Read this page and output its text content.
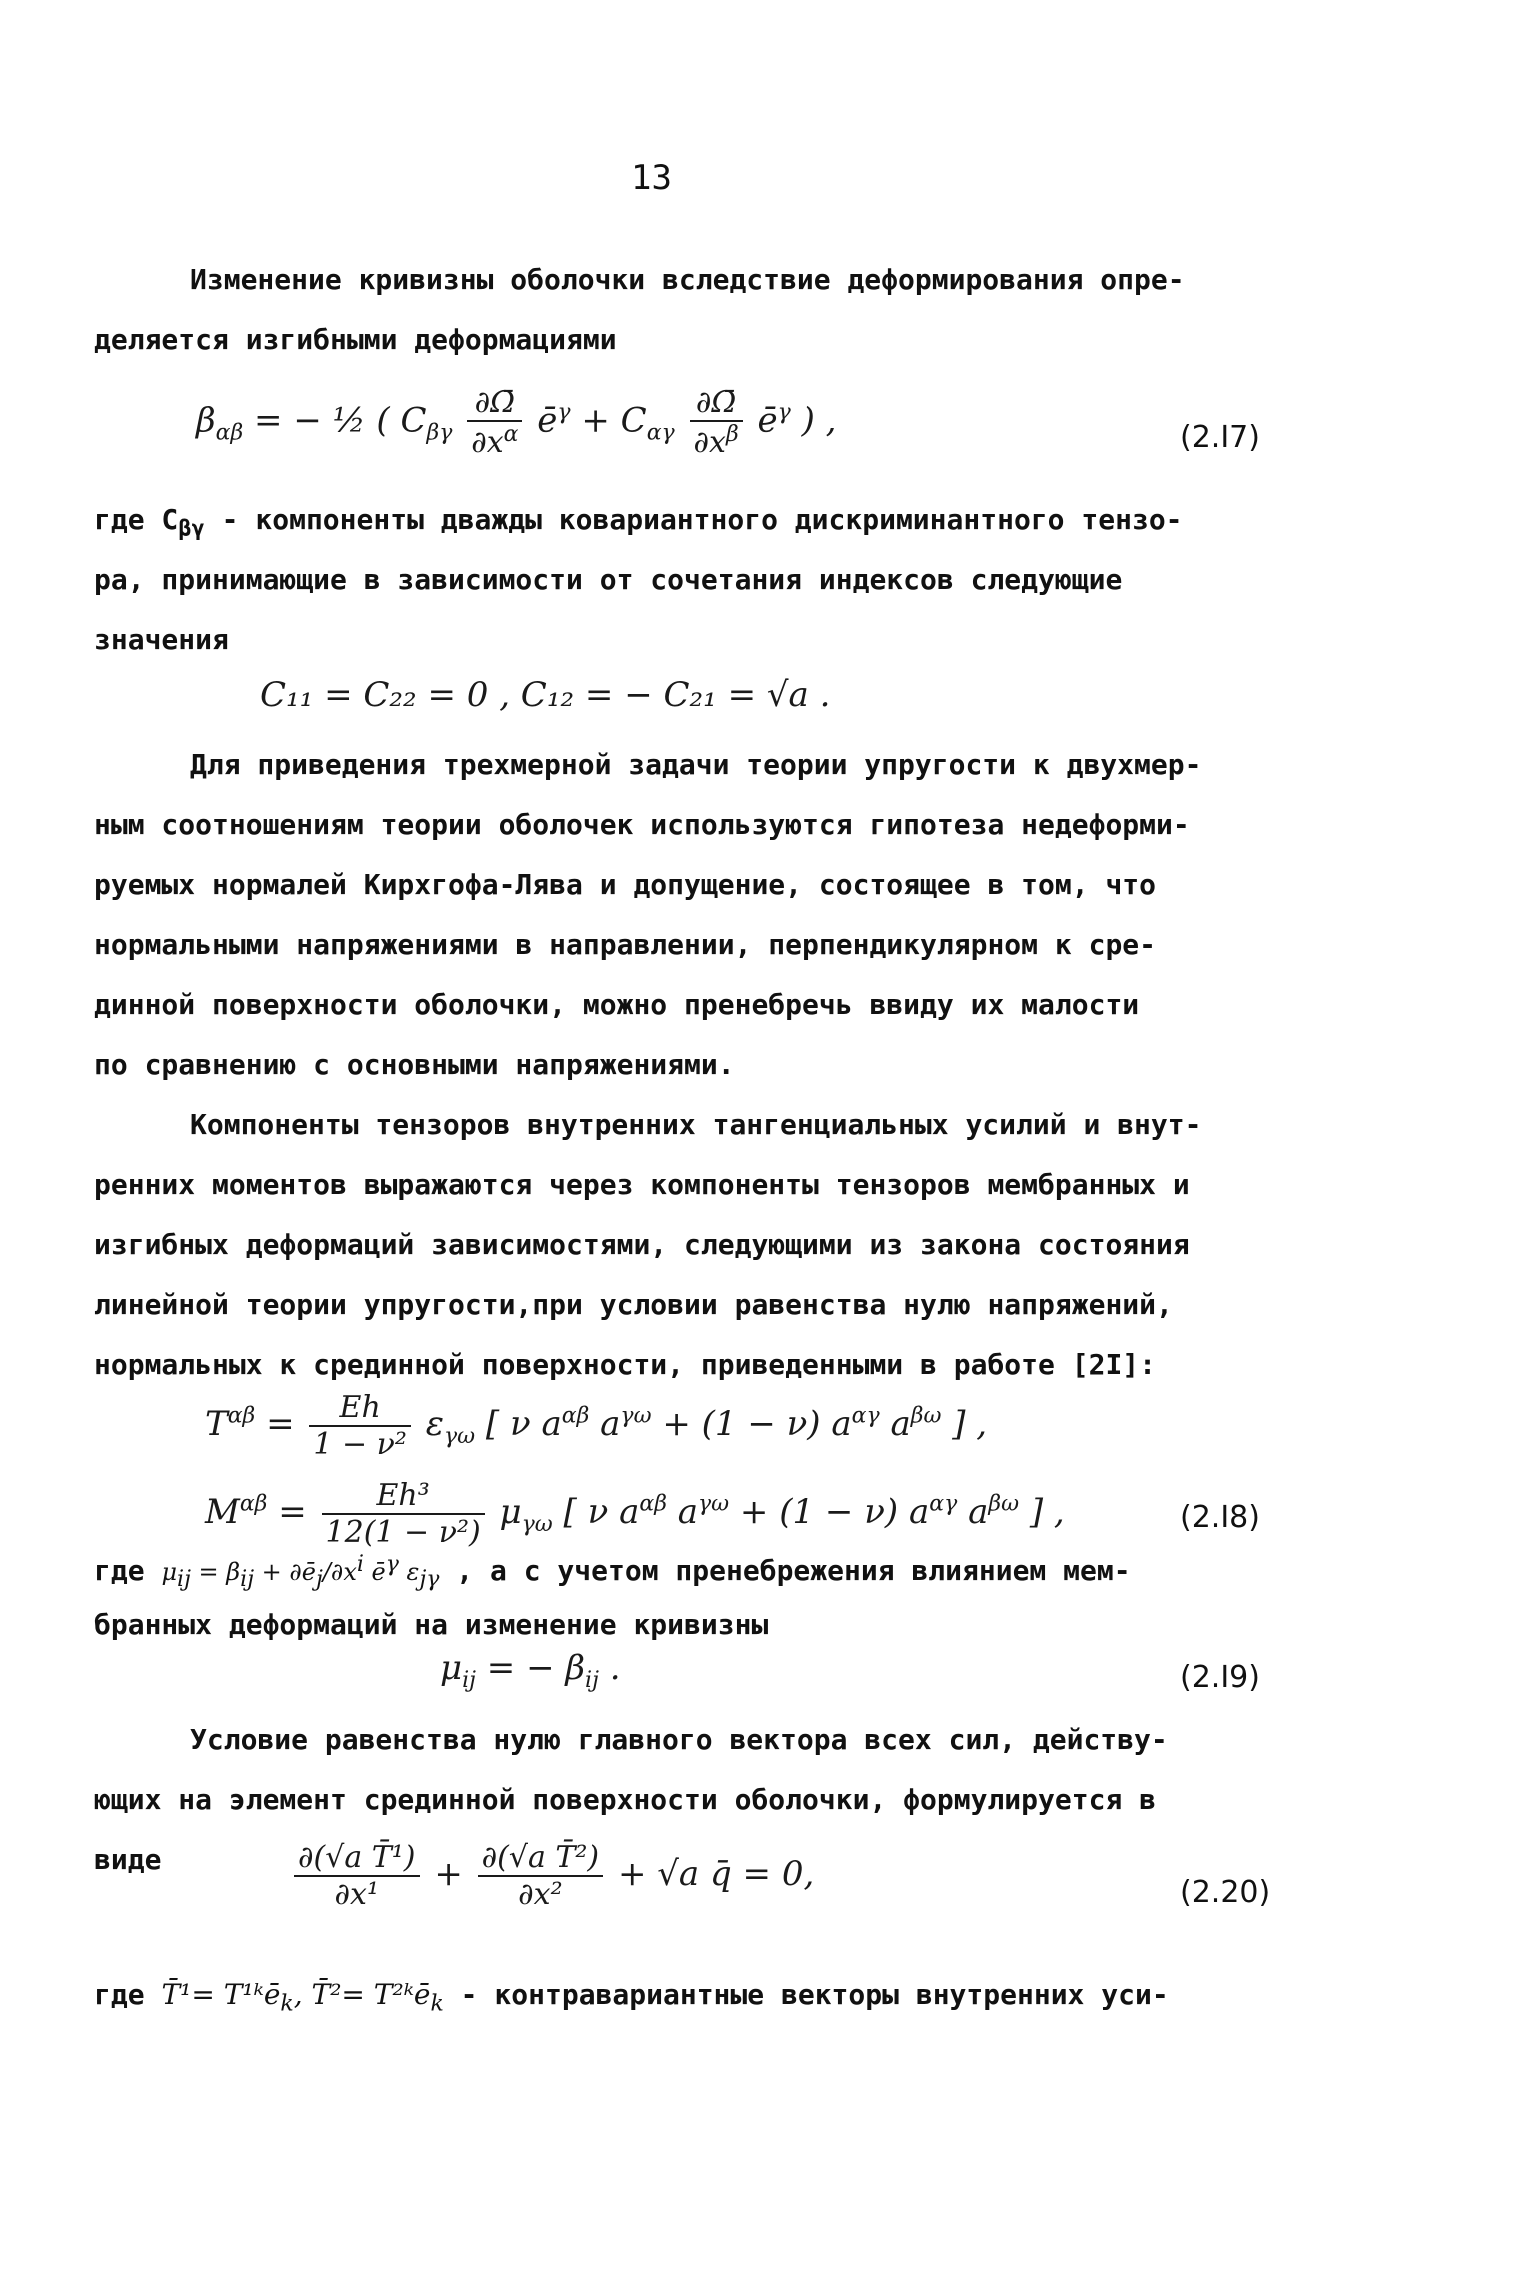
13
Изменение кривизны оболочки вследствие деформирования опре-
деляется изгибными деформациями
$\beta_{\alpha\beta}$ = − ½ ( $C_{\beta\gamma} \frac{\partial\Omegā}{\partial x^\alpha}$ $ē^\gamma + C_{\alpha\gamma} \frac{\partial\Omegā}{\partial x^\beta}$ $ē^\gamma$ ) ,	(2.I7)
где $C_{\beta\gamma}$ - компоненты дважды ковариантного дискриминантного тензо-
ра, принимающие в зависимости от сочетания индексов следующие
значения
C₁₁ = C₂₂ = 0 , C₁₂ = − C₂₁ = √a .
Для приведения трехмерной задачи теории упругости к двухмер-
ным соотношениям теории оболочек используются гипотеза недеформи-
руемых нормалей Кирхгофа-Лява и допущение, состоящее в том, что
нормальными напряжениями в направлении, перпендикулярном к сре-
динной поверхности оболочки, можно пренебречь ввиду их малости
по сравнению с основными напряжениями.
Компоненты тензоров внутренних тангенциальных усилий и внут-
ренних моментов выражаются через компоненты тензоров мембранных и
изгибных деформаций зависимостями, следующими из закона состояния
линейной теории упругости,при условии равенства нулю напряжений,
нормальных к срединной поверхности, приведенными в работе [2I]:
$T^{\alpha\beta} = \frac{Eh}{\text{1 − ν²}} \varepsilon_{\gamma\omega}$ [ ν $a^{\alpha\beta}$ $a^{\gamma\omega} + (1 - \nu)$ $a^{\alpha\gamma}$ $a^{\beta\omega}$ ] ,
$M^{\alpha\beta} = \frac{\text{Eh³}}{\text{12(1 − ν²)}} \mu_{\gamma\omega}$ [ ν $a^{\alpha\beta}$ $a^{\gamma\omega} + (1 - \nu)$ $a^{\alpha\gamma}$ $a^{\beta\omega}$ ] ,	(2.I8)
где $\mu_{ij} = \beta_{ij}$ + $\partial ē_j/\partial x^i$ $ē^\gamma$ $\varepsilon_{j\gamma}$ , а с учетом пренебрежения влиянием мем-
бранных деформаций на изменение кривизны
$\mu_{ij}$ = − $\beta_{ij}$ .	(2.I9)
Условие равенства нулю главного вектора всех сил, действу-
ющих на элемент срединной поверхности оболочки, формулируется в
виде	$\frac{\text{∂(√a T̄¹)}}{\text{∂x¹}} + \frac{\text{∂(√a T̄²)}}{\text{∂x²}} + √a$ q̄ = 0,	(2.20)
где T̄¹= T¹ᵏē$_k$, T̄²= T²ᵏē$_k$ - контравариантные векторы внутренних уси-
